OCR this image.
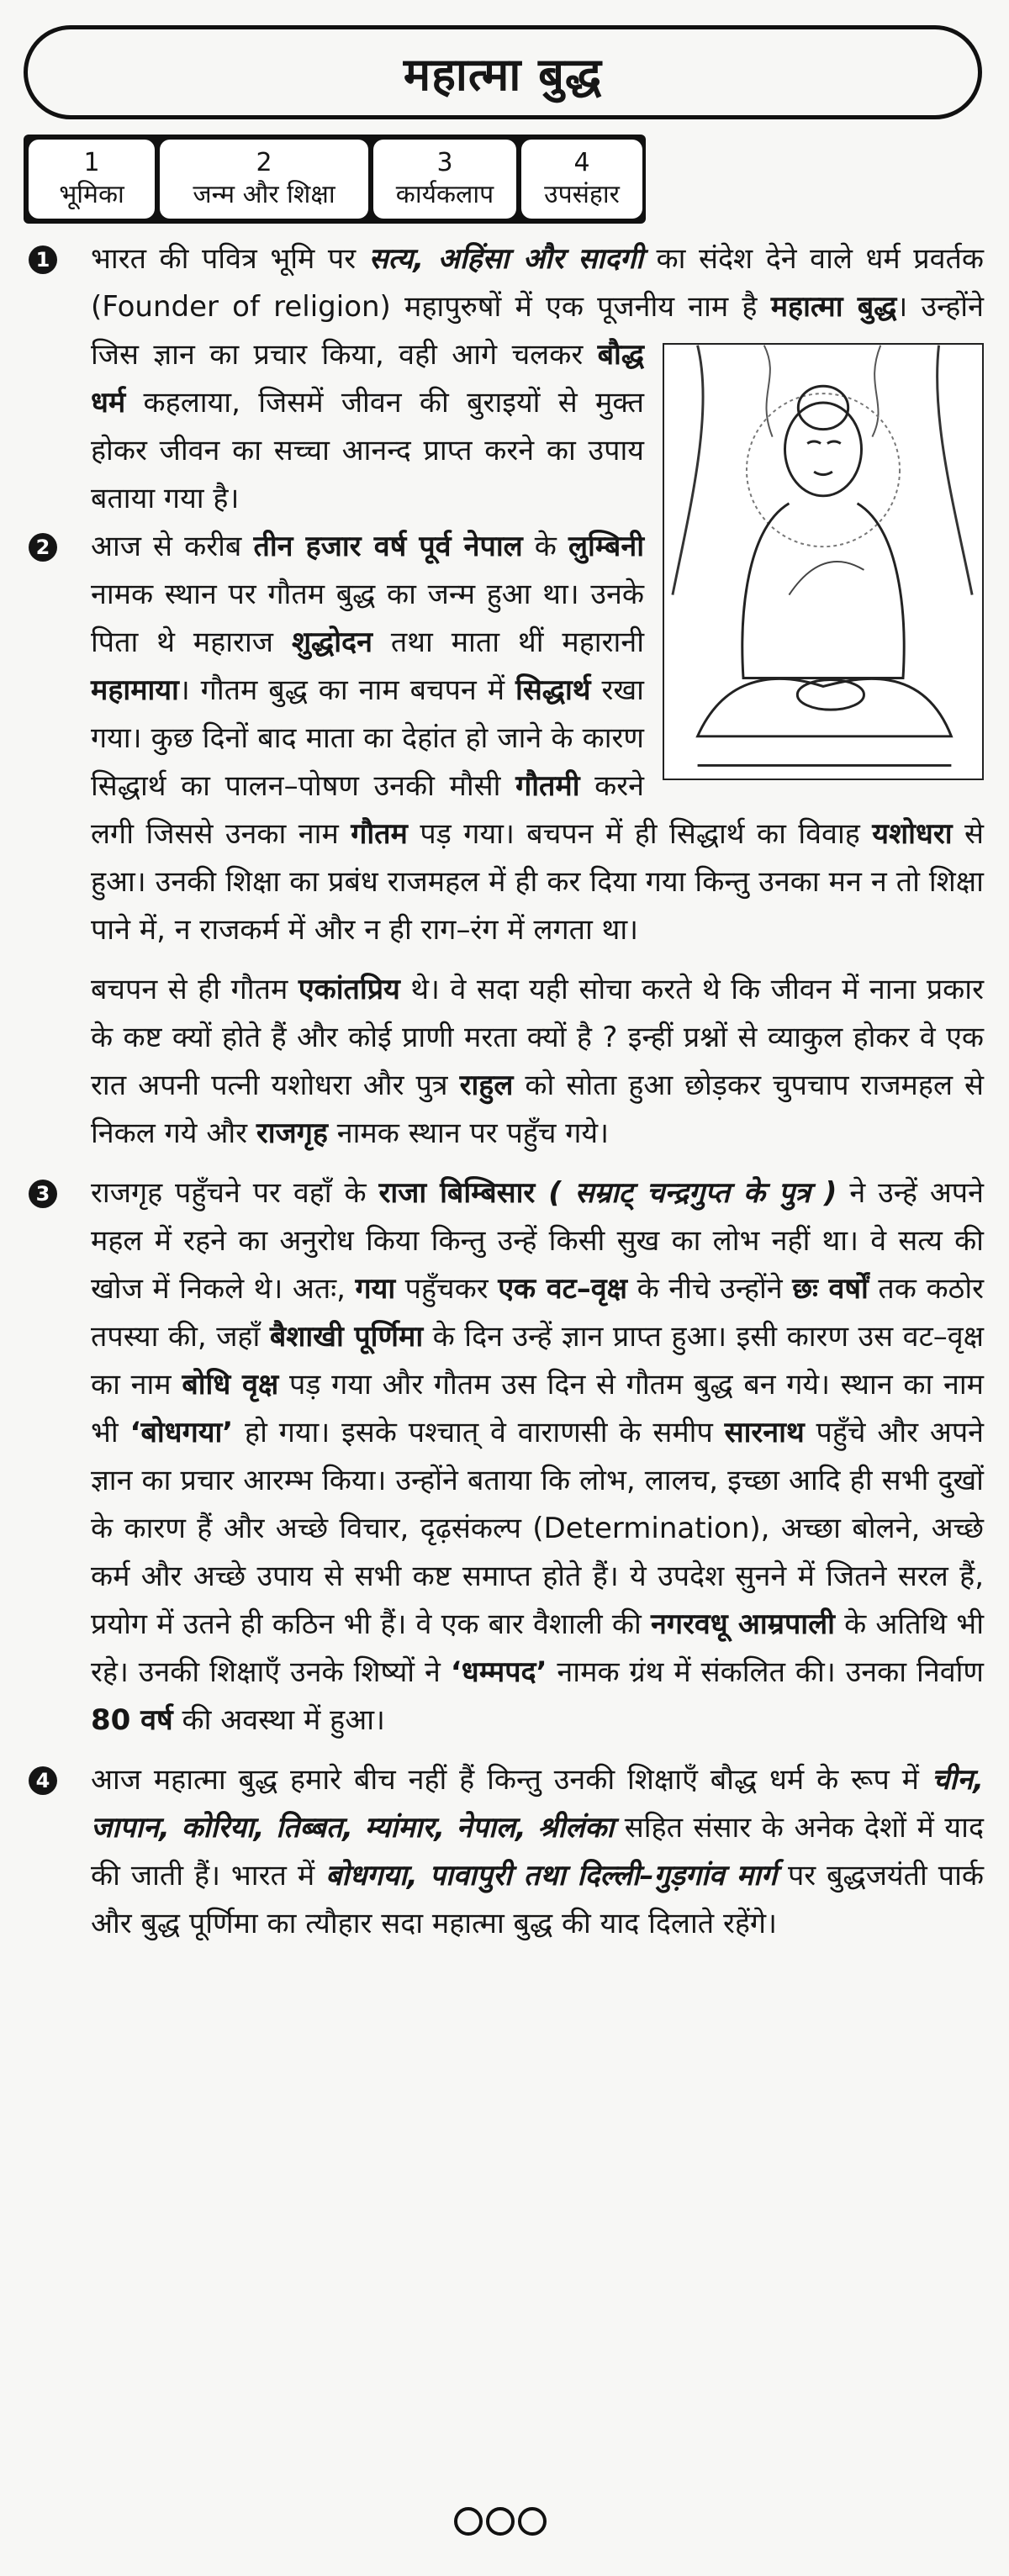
महात्मा बुद्ध
1
भूमिका
2
जन्म और शिक्षा
3
कार्यकलाप
4
उपसंहार
1	भारत की पवित्र भूमि पर सत्य, अहिंसा और सादगी का संदेश देने वाले धर्म प्रवर्तक (Founder of religion) महापुरुषों में एक पूजनीय नाम है
महात्मा बुद्ध। उन्होंने जिस ज्ञान का प्रचार किया, वही आगे चलकर बौद्ध धर्म कहलाया, जिसमें जीवन की बुराइयों से मुक्त होकर जीवन का सच्चा आनन्द प्राप्त करने का उपाय बताया गया है।

2	आज से करीब तीन हजार वर्ष पूर्व नेपाल के लुम्बिनी नामक स्थान पर गौतम बुद्ध का जन्म हुआ था। उनके पिता थे महाराज शुद्धोदन तथा माता थीं महारानी महामाया। गौतम बुद्ध का नाम बचपन में सिद्धार्थ रखा गया। कुछ दिनों बाद माता का देहांत हो जाने के कारण सिद्धार्थ का पालन–पोषण उनकी मौसी गौतमी करने लगी जिससे उनका नाम गौतम पड़ गया। बचपन में ही सिद्धार्थ का विवाह यशोधरा से हुआ। उनकी शिक्षा का प्रबंध राजमहल में ही कर दिया गया किन्तु उनका मन न तो शिक्षा पाने में, न राजकर्म में और न ही राग–रंग में लगता था।

बचपन से ही गौतम एकांतप्रिय थे। वे सदा यही सोचा करते थे कि जीवन में नाना प्रकार के कष्ट क्यों होते हैं और कोई प्राणी मरता क्यों है ? इन्हीं प्रश्नों से व्याकुल होकर वे एक रात अपनी पत्नी यशोधरा और पुत्र राहुल को सोता हुआ छोड़कर चुपचाप राजमहल से निकल गये और राजगृह नामक स्थान पर पहुँच गये।

3	राजगृह पहुँचने पर वहाँ के राजा बिम्बिसार ( सम्राट् चन्द्रगुप्त के पुत्र ) ने उन्हें अपने महल में रहने का अनुरोध किया किन्तु उन्हें किसी सुख का लोभ नहीं था। वे सत्य की खोज में निकले थे। अतः, गया पहुँचकर एक वट–वृक्ष के नीचे उन्होंने छः वर्षों तक कठोर तपस्या की, जहाँ बैशाखी पूर्णिमा के दिन उन्हें ज्ञान प्राप्त हुआ। इसी कारण उस वट–वृक्ष का नाम बोधि वृक्ष पड़ गया और गौतम उस दिन से गौतम बुद्ध बन गये। स्थान का नाम भी ‘बोधगया’ हो गया। इसके पश्चात् वे वाराणसी के समीप सारनाथ पहुँचे और अपने ज्ञान का प्रचार आरम्भ किया। उन्होंने बताया कि लोभ, लालच, इच्छा आदि ही सभी दुखों के कारण हैं और अच्छे विचार, दृढ़संकल्प (Determination), अच्छा बोलने, अच्छे कर्म और अच्छे उपाय से सभी कष्ट समाप्त होते हैं। ये उपदेश सुनने में जितने सरल हैं, प्रयोग में उतने ही कठिन भी हैं। वे एक बार वैशाली की नगरवधू आम्रपाली के अतिथि भी रहे। उनकी शिक्षाएँ उनके शिष्यों ने ‘धम्मपद’ नामक ग्रंथ में संकलित की। उनका निर्वाण 80 वर्ष की अवस्था में हुआ।

4	आज महात्मा बुद्ध हमारे बीच नहीं हैं किन्तु उनकी शिक्षाएँ बौद्ध धर्म के रूप में चीन, जापान, कोरिया, तिब्बत, म्यांमार, नेपाल, श्रीलंका सहित संसार के अनेक देशों में याद की जाती हैं। भारत में बोधगया, पावापुरी तथा दिल्ली–गुड़गांव मार्ग पर बुद्धजयंती पार्क और बुद्ध पूर्णिमा का त्यौहार सदा महात्मा बुद्ध की याद दिलाते रहेंगे।
